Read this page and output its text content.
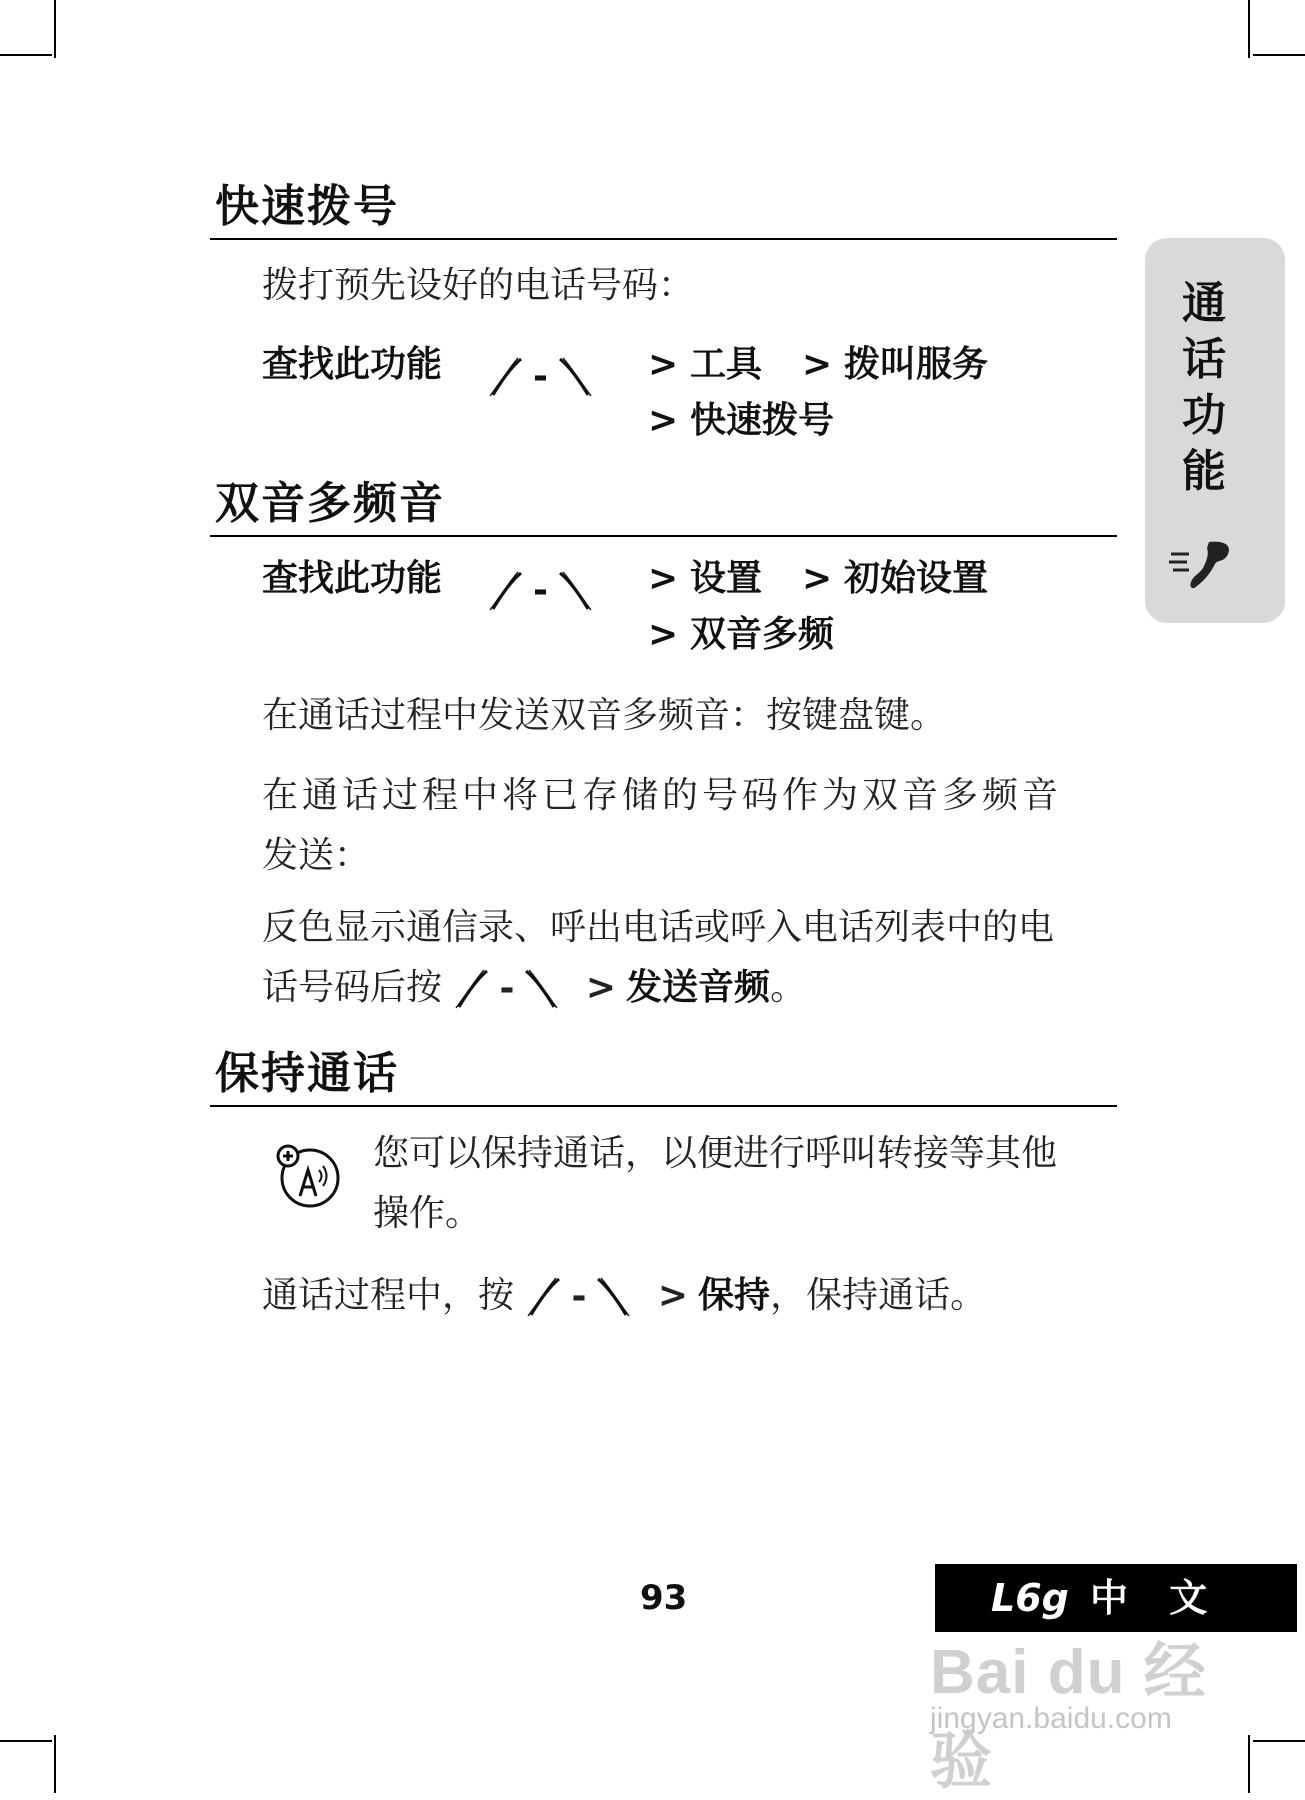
快速拨号

拨打预先设好的电话号码：

查找此功能	-	> 工具 > 拨叫服务
> 快速拨号
双音多频音
查找此功能	-	> 设置 > 初始设置
> 双音多频

在通话过程中发送双音多频音：按键盘键。

在通话过程中将已存储的号码作为双音多频音

发送：

反色显示通信录、呼出电话或呼入电话列表中的电

话号码后按 - > 发送音频。
保持通话

您可以保持通话，以便进行呼叫转接等其他

操作。

通话过程中，按 - > 保持，保持通话。
通
话
功
能

93	L6g 中 文
Bai du 经验
jingyan.baidu.com
